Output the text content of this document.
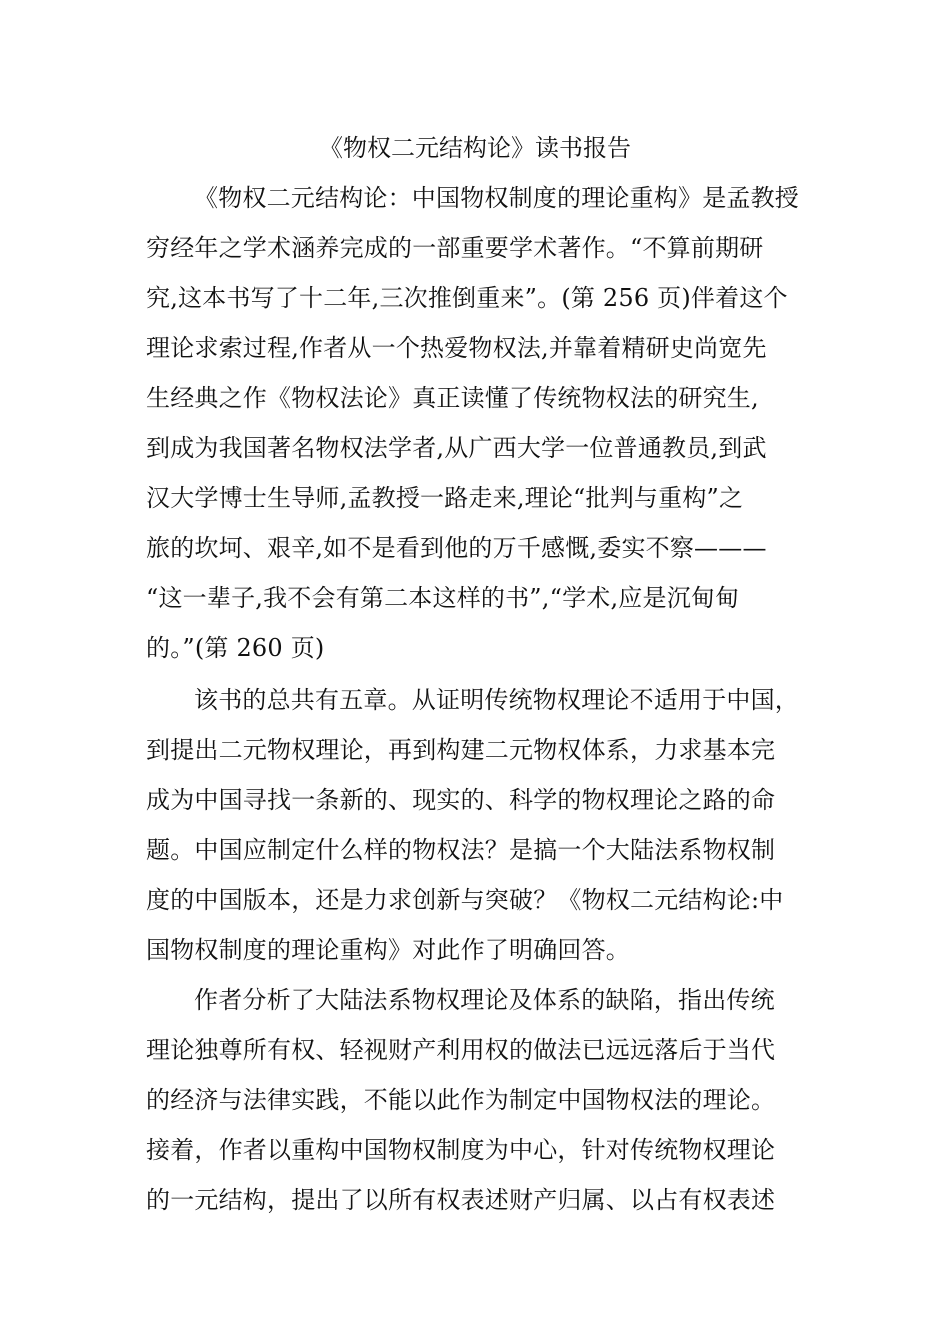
《物权二元结构论》读书报告
《物权二元结构论：中国物权制度的理论重构》是孟教授
穷经年之学术涵养完成的一部重要学术著作。“不算前期研
究,这本书写了十二年,三次推倒重来”。(第 256 页)伴着这个
理论求索过程,作者从一个热爱物权法,并靠着精研史尚宽先
生经典之作《物权法论》真正读懂了传统物权法的研究生,
到成为我国著名物权法学者,从广西大学一位普通教员,到武
汉大学博士生导师,孟教授一路走来,理论“批判与重构”之
旅的坎坷、艰辛,如不是看到他的万千感慨,委实不察———
“这一辈子,我不会有第二本这样的书”,“学术,应是沉甸甸
的。”(第 260 页)
该书的总共有五章。从证明传统物权理论不适用于中国，
到提出二元物权理论，再到构建二元物权体系，力求基本完
成为中国寻找一条新的、现实的、科学的物权理论之路的命
题。中国应制定什么样的物权法？是搞一个大陆法系物权制
度的中国版本，还是力求创新与突破？《物权二元结构论:中
国物权制度的理论重构》对此作了明确回答。
作者分析了大陆法系物权理论及体系的缺陷，指出传统
理论独尊所有权、轻视财产利用权的做法已远远落后于当代
的经济与法律实践，不能以此作为制定中国物权法的理论。
接着，作者以重构中国物权制度为中心，针对传统物权理论
的一元结构，提出了以所有权表述财产归属、以占有权表述
